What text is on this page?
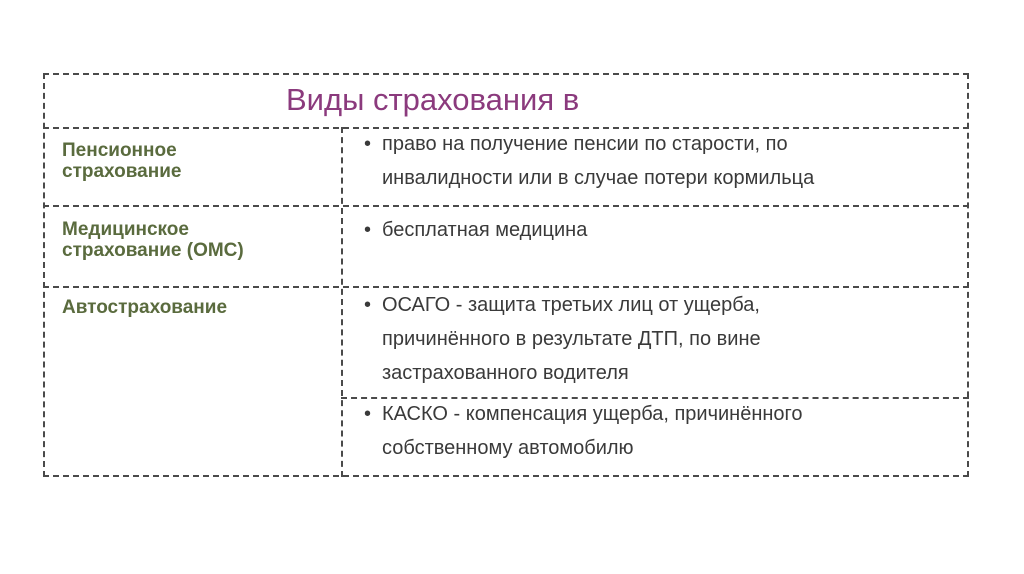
Виды страхования в
Пенсионное
страхование
• право на получение пенсии по старости, по
инвалидности или в случае потери кормильца
Медицинское
страхование (ОМС)
• бесплатная медицина
Автострахование	• ОСАГО - защита третьих лиц от ущерба,
причинённого в результате ДТП, по вине
застрахованного водителя
• КАСКО - компенсация ущерба, причинённого
собственному автомобилю
